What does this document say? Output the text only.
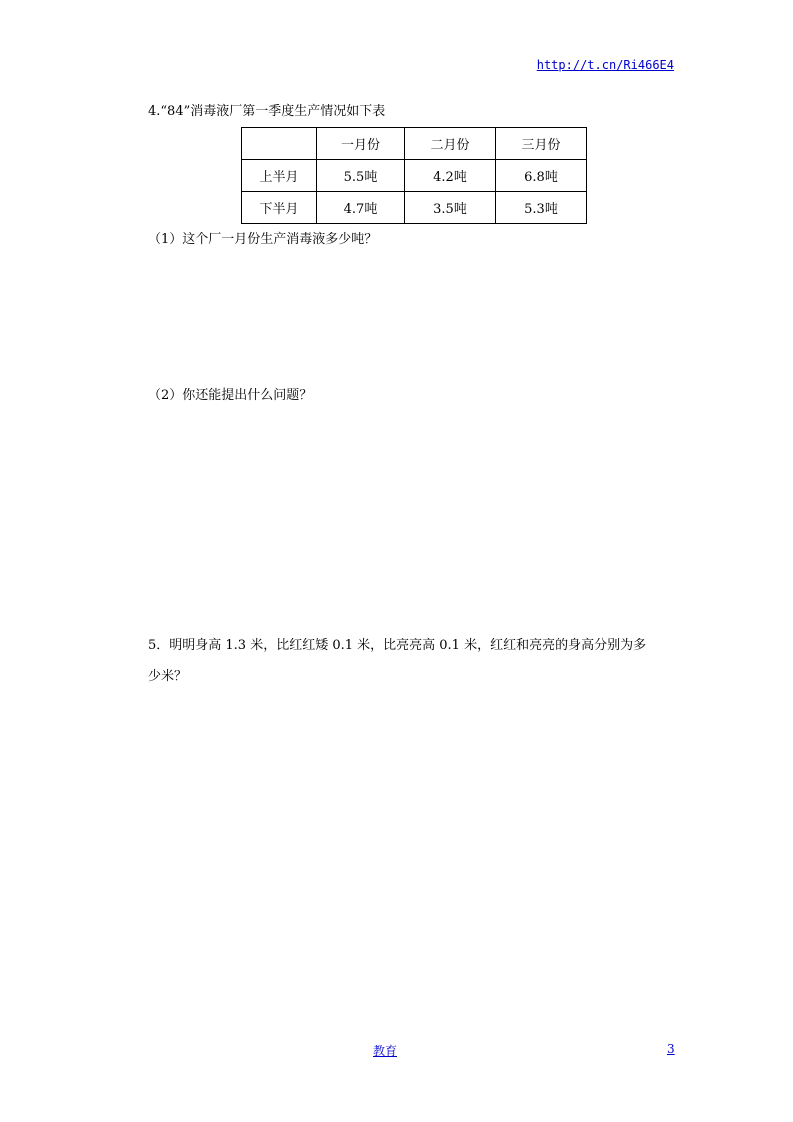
http://t.cn/Ri466E4
4.“84”消毒液厂第一季度生产情况如下表
	一月份	二月份	三月份
上半月	5.5吨	4.2吨	6.8吨
下半月	4.7吨	3.5吨	5.3吨
（1）这个厂一月份生产消毒液多少吨？
（2）你还能提出什么问题？
5．明明身高 1.3 米，比红红矮 0.1 米，比亮亮高 0.1 米，红红和亮亮的身高分别为多
少米？
教育	3
